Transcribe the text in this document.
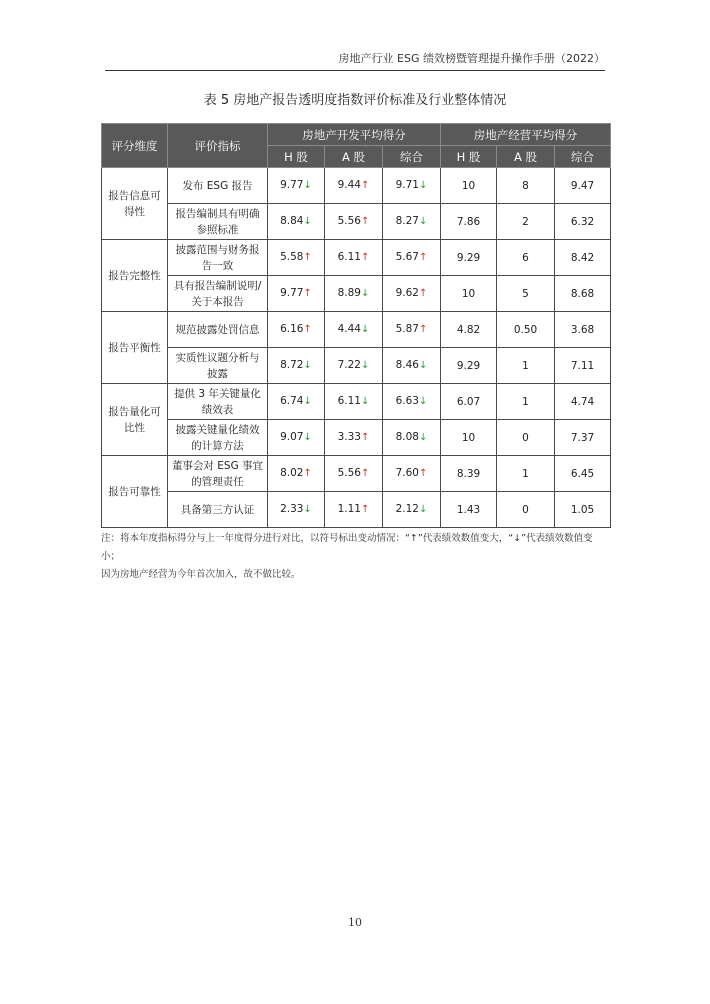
房地产行业 ESG 绩效榜暨管理提升操作手册（2022）
表 5 房地产报告透明度指数评价标准及行业整体情况
评分维度	评价指标	房地产开发平均得分			房地产经营平均得分		
		H 股	A 股	综合	H 股	A 股	综合
报告信息可得性	发布 ESG 报告	9.77↓	9.44↑	9.71↓	10	8	9.47
	报告编制具有明确参照标准	8.84↓	5.56↑	8.27↓	7.86	2	6.32
报告完整性	披露范围与财务报告一致	5.58↑	6.11↑	5.67↑	9.29	6	8.42
	具有报告编制说明/关于本报告	9.77↑	8.89↓	9.62↑	10	5	8.68
报告平衡性	规范披露处罚信息	6.16↑	4.44↓	5.87↑	4.82	0.50	3.68
	实质性议题分析与披露	8.72↓	7.22↓	8.46↓	9.29	1	7.11
报告量化可比性	提供 3 年关键量化绩效表	6.74↓	6.11↓	6.63↓	6.07	1	4.74
	披露关键量化绩效的计算方法	9.07↓	3.33↑	8.08↓	10	0	7.37
报告可靠性	董事会对 ESG 事宜的管理责任	8.02↑	5.56↑	7.60↑	8.39	1	6.45
	具备第三方认证	2.33↓	1.11↑	2.12↓	1.43	0	1.05
注：将本年度指标得分与上一年度得分进行对比，以符号标出变动情况：“↑”代表绩效数值变大，“↓”代表绩效数值变小；
因为房地产经营为今年首次加入，故不做比较。
10
